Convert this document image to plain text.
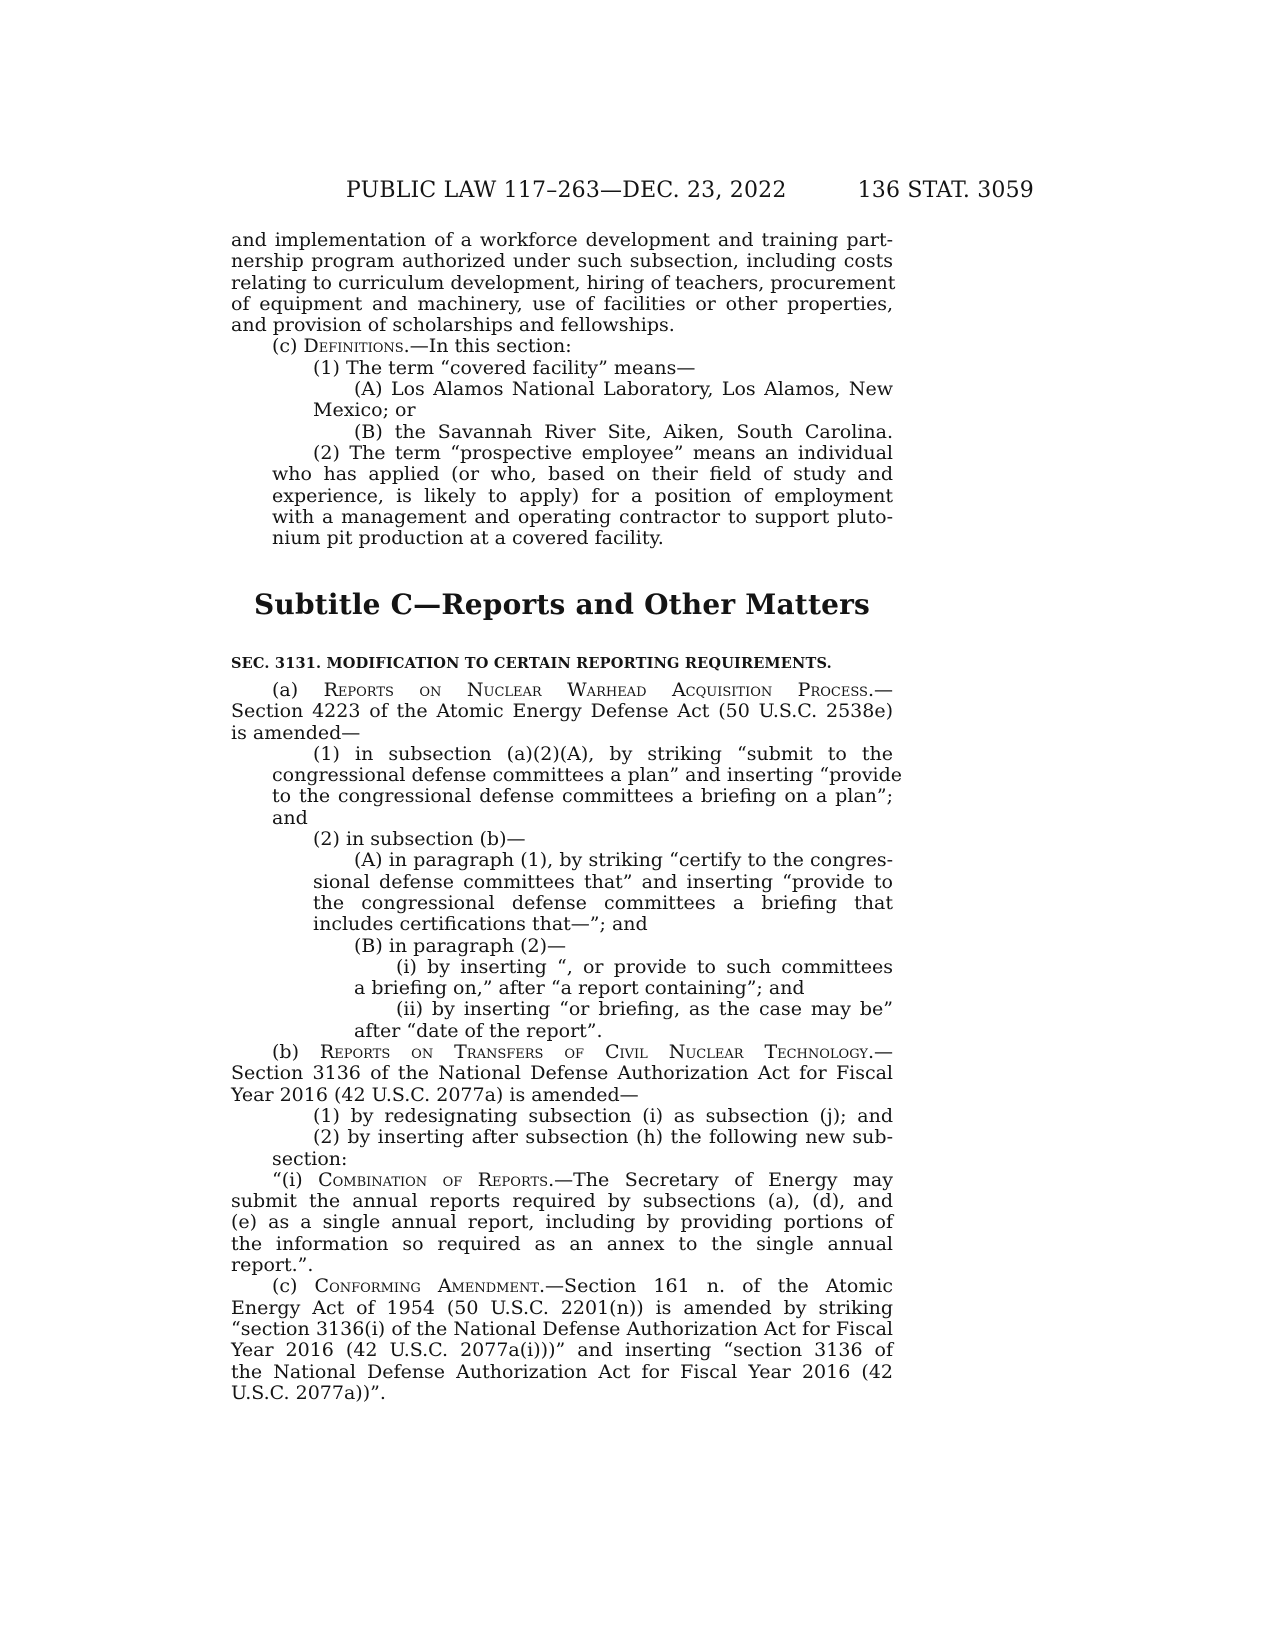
PUBLIC LAW 117–263—DEC. 23, 2022	136 STAT. 3059
and implementation of a workforce development and training part-
nership program authorized under such subsection, including costs
relating to curriculum development, hiring of teachers, procurement
of equipment and machinery, use of facilities or other properties,
and provision of scholarships and fellowships.
(c) Definitions.—In this section:
(1) The term “covered facility” means—
(A) Los Alamos National Laboratory, Los Alamos, New
Mexico; or
(B) the Savannah River Site, Aiken, South Carolina.
(2) The term “prospective employee” means an individual
who has applied (or who, based on their field of study and
experience, is likely to apply) for a position of employment
with a management and operating contractor to support pluto-
nium pit production at a covered facility.
Subtitle C—Reports and Other Matters
SEC. 3131. MODIFICATION TO CERTAIN REPORTING REQUIREMENTS.
(a) Reports on Nuclear Warhead Acquisition Process.—
Section 4223 of the Atomic Energy Defense Act (50 U.S.C. 2538e)
is amended—
(1) in subsection (a)(2)(A), by striking “submit to the
congressional defense committees a plan” and inserting “provide
to the congressional defense committees a briefing on a plan”;
and
(2) in subsection (b)—
(A) in paragraph (1), by striking “certify to the congres-
sional defense committees that” and inserting “provide to
the congressional defense committees a briefing that
includes certifications that—”; and
(B) in paragraph (2)—
(i) by inserting “, or provide to such committees
a briefing on,” after “a report containing”; and
(ii) by inserting “or briefing, as the case may be”
after “date of the report”.
(b) Reports on Transfers of Civil Nuclear Technology.—
Section 3136 of the National Defense Authorization Act for Fiscal
Year 2016 (42 U.S.C. 2077a) is amended—
(1) by redesignating subsection (i) as subsection (j); and
(2) by inserting after subsection (h) the following new sub-
section:
“(i) Combination of Reports.—The Secretary of Energy may
submit the annual reports required by subsections (a), (d), and
(e) as a single annual report, including by providing portions of
the information so required as an annex to the single annual
report.”.
(c) Conforming Amendment.—Section 161 n. of the Atomic
Energy Act of 1954 (50 U.S.C. 2201(n)) is amended by striking
“section 3136(i) of the National Defense Authorization Act for Fiscal
Year 2016 (42 U.S.C. 2077a(i)))” and inserting “section 3136 of
the National Defense Authorization Act for Fiscal Year 2016 (42
U.S.C. 2077a))”.
